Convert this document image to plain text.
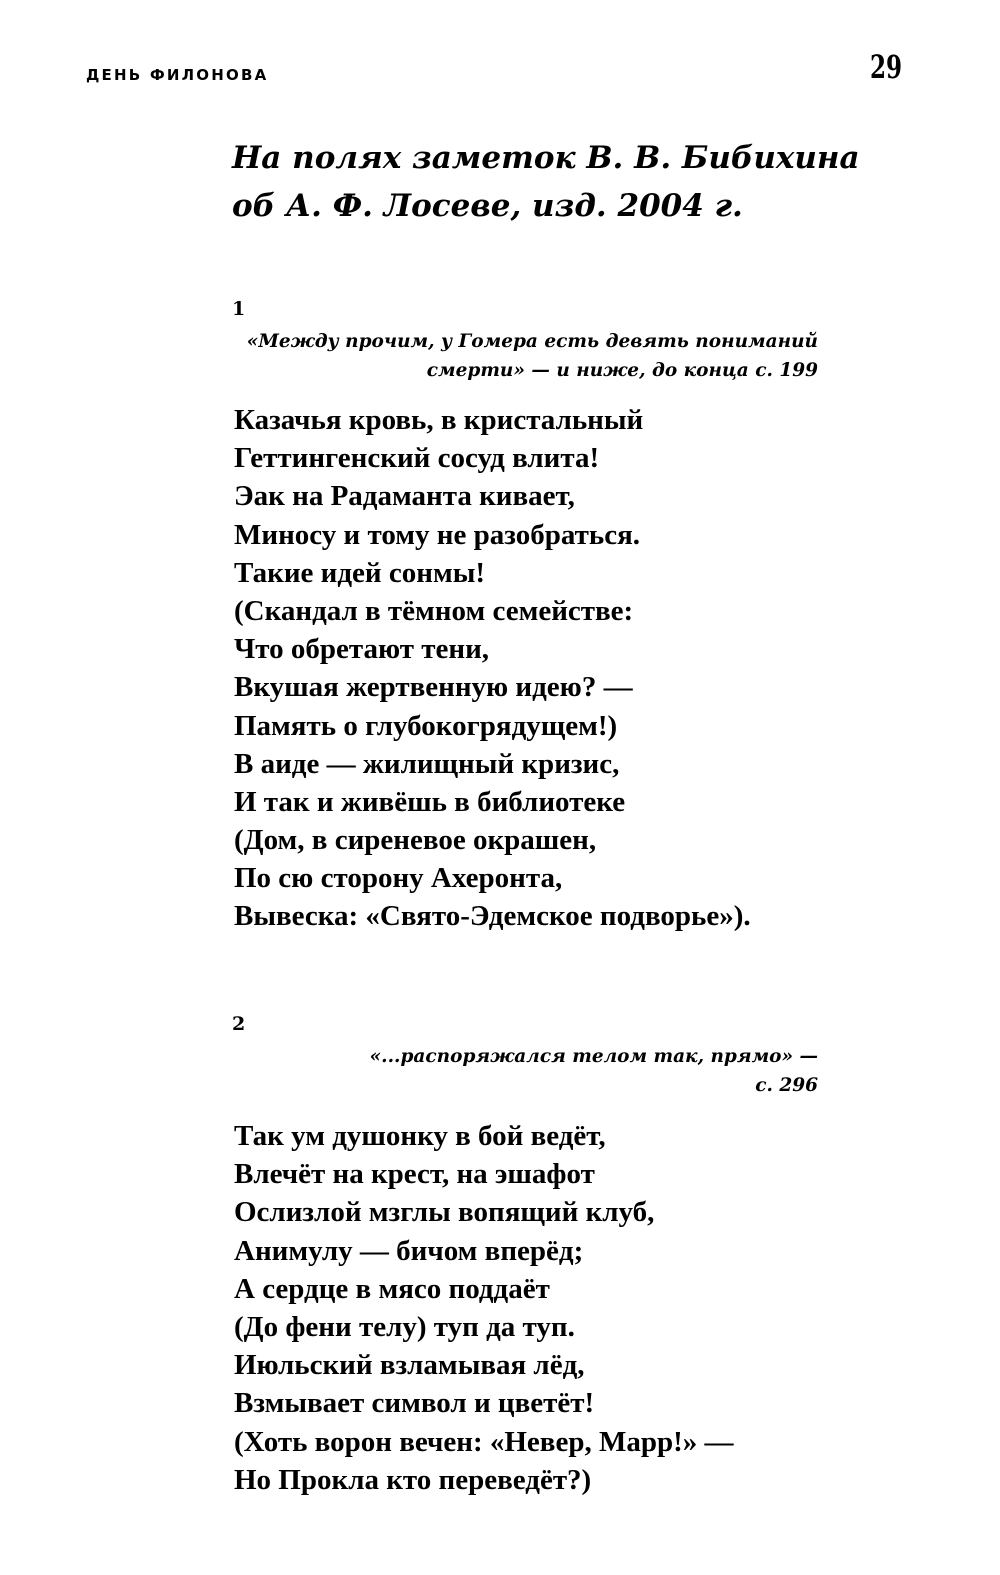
ДЕНЬ ФИЛОНОВА	29
На полях заметок В. В. Бибихина
об А. Ф. Лосеве, изд. 2004 г.
1
«Между прочим, у Гомера есть девять пониманий
смерти» — и ниже, до конца с. 199
Казачья кровь, в кристальный
Геттингенский сосуд влита!
Эак на Радаманта кивает,
Миносу и тому не разобраться.
Такие идей сонмы!
(Скандал в тёмном семействе:
Что обретают тени,
Вкушая жертвенную идею? —
Память о глубокогрядущем!)
В аиде — жилищный кризис,
И так и живёшь в библиотеке
(Дом, в сиреневое окрашен,
По сю сторону Ахеронта,
Вывеска: «Свято-Эдемское подворье»).
2
«...распоряжался телом так, прямо» —
с. 296
Так ум душонку в бой ведёт,
Влечёт на крест, на эшафот
Ослизлой мзглы вопящий клуб,
Анимулу — бичом вперёд;
А сердце в мясо поддаёт
(До фени телу) туп да туп.
Июльский взламывая лёд,
Взмывает символ и цветёт!
(Хоть ворон вечен: «Невер, Марр!» —
Но Прокла кто переведёт?)
